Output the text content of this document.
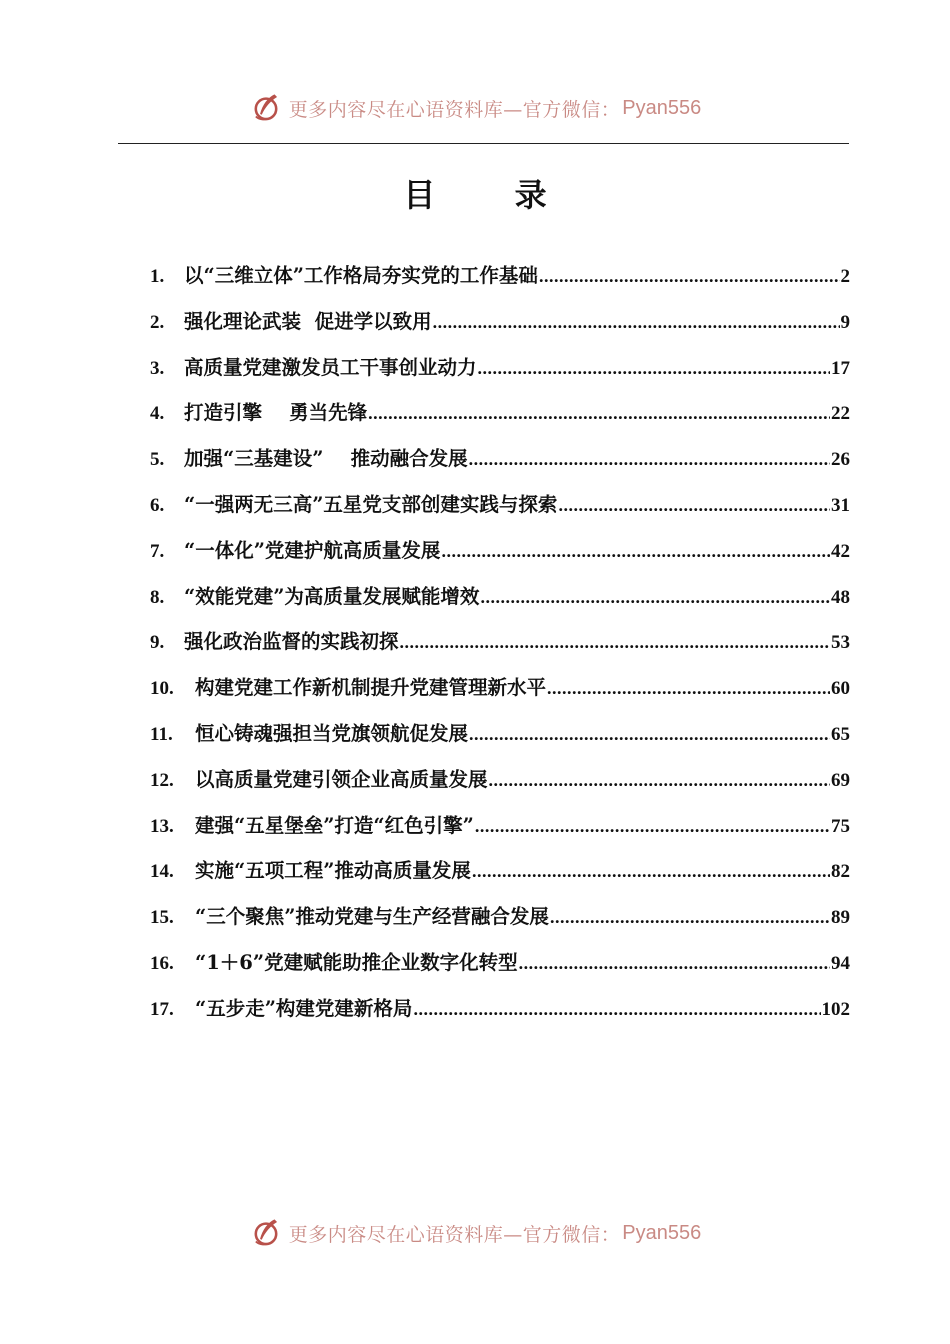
更多内容尽在心语资料库—官方微信： Pyan556
目 录
1.	以“三维立体”工作格局夯实党的工作基础 .....	2
2.	强化理论武装  促进学以致用 .....	9
3.	高质量党建激发员工干事创业动力 .....	17
4.	打造引擎    勇当先锋 .....	22
5.	加强“三基建设”    推动融合发展 .....	26
6.	“一强两无三高”五星党支部创建实践与探索 .....	31
7.	“一体化”党建护航高质量发展 .....	42
8.	“效能党建”为高质量发展赋能增效 .....	48
9.	强化政治监督的实践初探 .....	53
10.	构建党建工作新机制提升党建管理新水平 .....	60
11.	恒心铸魂强担当党旗领航促发展 .....	65
12.	以高质量党建引领企业高质量发展 .....	69
13.	建强“五星堡垒”打造“红色引擎” .....	75
14.	实施“五项工程”推动高质量发展 .....	82
15.	“三个聚焦”推动党建与生产经营融合发展 .....	89
16.	“1＋6”党建赋能助推企业数字化转型 .....	94
17.	“五步走”构建党建新格局 .....	102
更多内容尽在心语资料库—官方微信： Pyan556
